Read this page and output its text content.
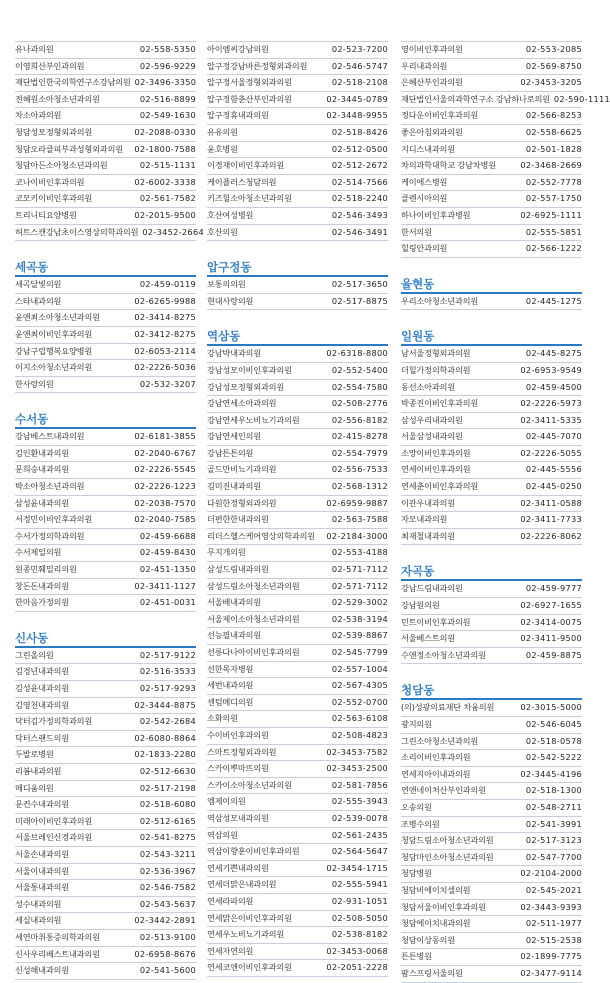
유나과의원	02-558-5350
이영희산부인과의원	02-596-9229
재단법인한국의학연구소강남의원 02-3496-3350
전혜원소아청소년과의원	02-516-8899
차소아과의원	02-549-1630
청담성모정형외과의원	02-2088-0330
청담오라클피부과성형외과의원	02-1800-7588
청담아든소아청소년과의원	02-515-1131
코나이비인후과의원	02-6002-3338
코모키이비인후과의원	02-561-7582
트리니티요양병원	02-2015-9500
허트스캔강남초이스영상의학과의원 02-3452-2664
세곡동
세곡달빛의원	02-459-0119
스타내과의원	02-6265-9988
윤앤최소아청소년과의원	02-3414-8275
윤앤최이비인후과의원	02-3412-8275
강남구립행복요양병원	02-6053-2114
이지소아청소년과의원	02-2226-5036
한사랑의원	02-532-3207
수서동
강남베스트내과의원	02-6181-3855
김인환내과의원	02-2040-6767
문희승내과의원	02-2226-5545
박소아청소년과의원	02-2226-1223
삼성윤내과의원	02-2038-7570
서정민이비인후과의원	02-2040-7585
수서가정의학과의원	02-459-6688
수서제일의원	02-459-8430
원종민훼밀리의원	02-451-1350
창돈돈내과의원	02-3411-1127
한마음가정의원	02-451-0031
신사동
그린올의원	02-517-9122
김경년내과의원	02-516-3533
김성윤내과의원	02-517-9293
김영천내과의원	02-3444-8875
닥터김가정의학과의원	02-542-2684
닥터스랜드의원	02-6080-8864
두발로병원	02-1833-2280
리봄내과의원	02-512-6630
메디움의원	02-517-2198
문컨수내과의원	02-518-6080
미래아이비인후과의원	02-512-6165
서울브레인신경과의원	02-541-8275
서울손내과의원	02-543-3211
서울이내과의원	02-536-3967
서울통내과의원	02-546-7582
성수내과의원	02-543-5637
세실내과의원	02-3442-2891
세연마취통증의학과의원	02-513-9100
신사우리베스트내과의원	02-6958-8676
신성해내과의원	02-541-5600
아이엠씨강남의원	02-523-7200
압구정강남바른정형외과의원	02-546-5747
압구정서울정형외과의원	02-518-2108
압구정함춘산부인과의원	02-3445-0789
압구정휴내과의원	02-3448-9955
유유의원	02-518-8426
윤호병원	02-512-0500
이경재이비인후과의원	02-512-2672
케이플러스청담의원	02-514-7566
키즈힐소아청소년과의원	02-518-2240
호산여성병원	02-546-3493
호산의원	02-546-3491
압구정동
보통의의원	02-517-3650
현대사랑의원	02-517-8875
역삼동
강남박내과의원	02-6318-8800
강남성모이비인후과의원	02-552-5400
강남성모정형외과의원	02-554-7580
강남연세소아과의원	02-508-2776
강남연세우노비뇨기과의원	02-556-8182
강남연세인의원	02-415-8278
강남튼튼의원	02-554-7979
골드만비뇨기과의원	02-556-7533
김미진내과의원	02-568-1312
다원한정형외과의원	02-6959-9887
더편한한내과의원	02-563-7588
리더스헬스케어영상의학과의원	02-2184-3000
무지개의원	02-553-4188
삼성드림내과의원	02-571-7112
삼성드림소아청소년과의원	02-571-7112
서울배내과의원	02-529-3002
서울제이소아청소년과의원	02-538-3194
선능필내과의원	02-539-8867
선릉다나아이비인후과의원	02-545-7799
선한목자병원	02-557-1004
세번내과의원	02-567-4305
센텀메디의원	02-552-0700
소화의원	02-563-6108
수이비인후과의원	02-508-4823
스마트정형외과의원	02-3453-7582
스카이뿌마뜨의원	02-3453-2500
스카이소아청소년과의원	02-581-7856
엠제이의원	02-555-3943
역삼성모내과의원	02-539-0078
역삼의원	02-561-2435
역삼이향훈이비인후과의원	02-564-5647
연세기쁜내과의원	02-3454-1715
연세더맑은내과의원	02-555-5941
연세라파의원	02-931-1051
연세맑은이비인후과의원	02-508-5050
연세우노비뇨기과의원	02-538-8182
연세자연의원	02-3453-0068
연세코앤이비인후과의원	02-2051-2228
영이비인후과의원	02-553-2085
우리내과의원	02-569-8750
은혜산부인과의원	02-3453-3205
재단법인서울의과학연구소 강남하나로의원 02-590-1111
정다운이비인후과의원	02-566-8253
좋은아침외과의원	02-558-6625
지디스내과의원	02-501-1828
차의과학대학교 강남차병원	02-3468-2669
케이에스병원	02-552-7778
클렌시아의원	02-557-1750
하나이비인후과병원	02-6925-1111
한서의원	02-555-5851
힐링안과의원	02-566-1222
율현동
우리소아청소년과의원	02-445-1275
일원동
남서울정형외과의원	02-445-8275
더힐가정의학과의원	02-6953-9549
동선소아과의원	02-459-4500
박종진이비인후과의원	02-2226-5973
삼성우리내과의원	02-3411-5335
서울삼성내과의원	02-445-7070
소망이비인후과의원	02-2226-5055
연세이비인후과의원	02-445-5556
연세춘이비인후과의원	02-445-0250
이관우내과의원	02-3411-0588
자모내과의원	02-3411-7733
최재철내과의원	02-2226-8062
자곡동
강남드림내과의원	02-459-9777
강남원의원	02-6927-1655
민트이비인후과의원	02-3414-0075
서울베스트의원	02-3411-9500
수앤정소아청소년과의원	02-459-8875
청담동
(의)성광의료재단 차움의원	02-3015-5000
광지의원	02-546-6045
그린소아청소년과의원	02-518-0578
소리이비인후과의원	02-542-5222
연세지아이내과의원	02-3445-4196
연앤네이처산부인과의원	02-518-1300
오송의원	02-548-2711
조병수의원	02-541-3991
청담드림소아청소년과의원	02-517-3123
청담마인소아청소년과의원	02-547-7700
청담병원	02-2104-2000
청담비에이치셀의원	02-545-2021
청담서울이비인후과의원	02-3443-9393
청담에이치내과의원	02-511-1977
청담이상동의원	02-515-2538
튼튼병원	02-1899-7775
팜스프링서울의원	02-3477-9114
